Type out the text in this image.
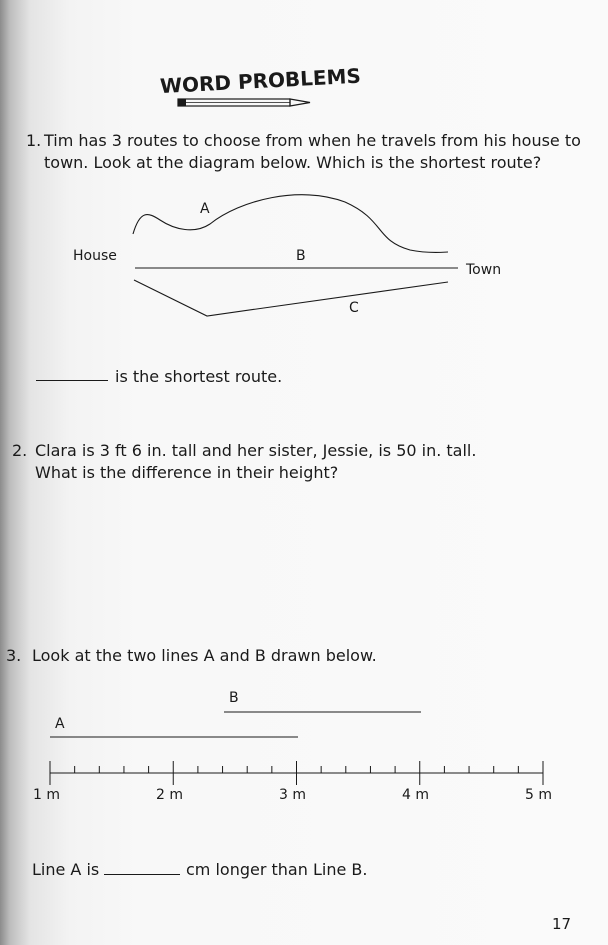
WORD PROBLEMS
1. Tim has 3 routes to choose from when he travels from his house to
town. Look at the diagram below. Which is the shortest route?
A
B
C
House
Town
is the shortest route.
2. Clara is 3 ft 6 in. tall and her sister, Jessie, is 50 in. tall.
What is the difference in their height?
3. Look at the two lines A and B drawn below.
B
A
1 m	2 m	3 m	4 m	5 m
Line A is	cm longer than Line B.
17
